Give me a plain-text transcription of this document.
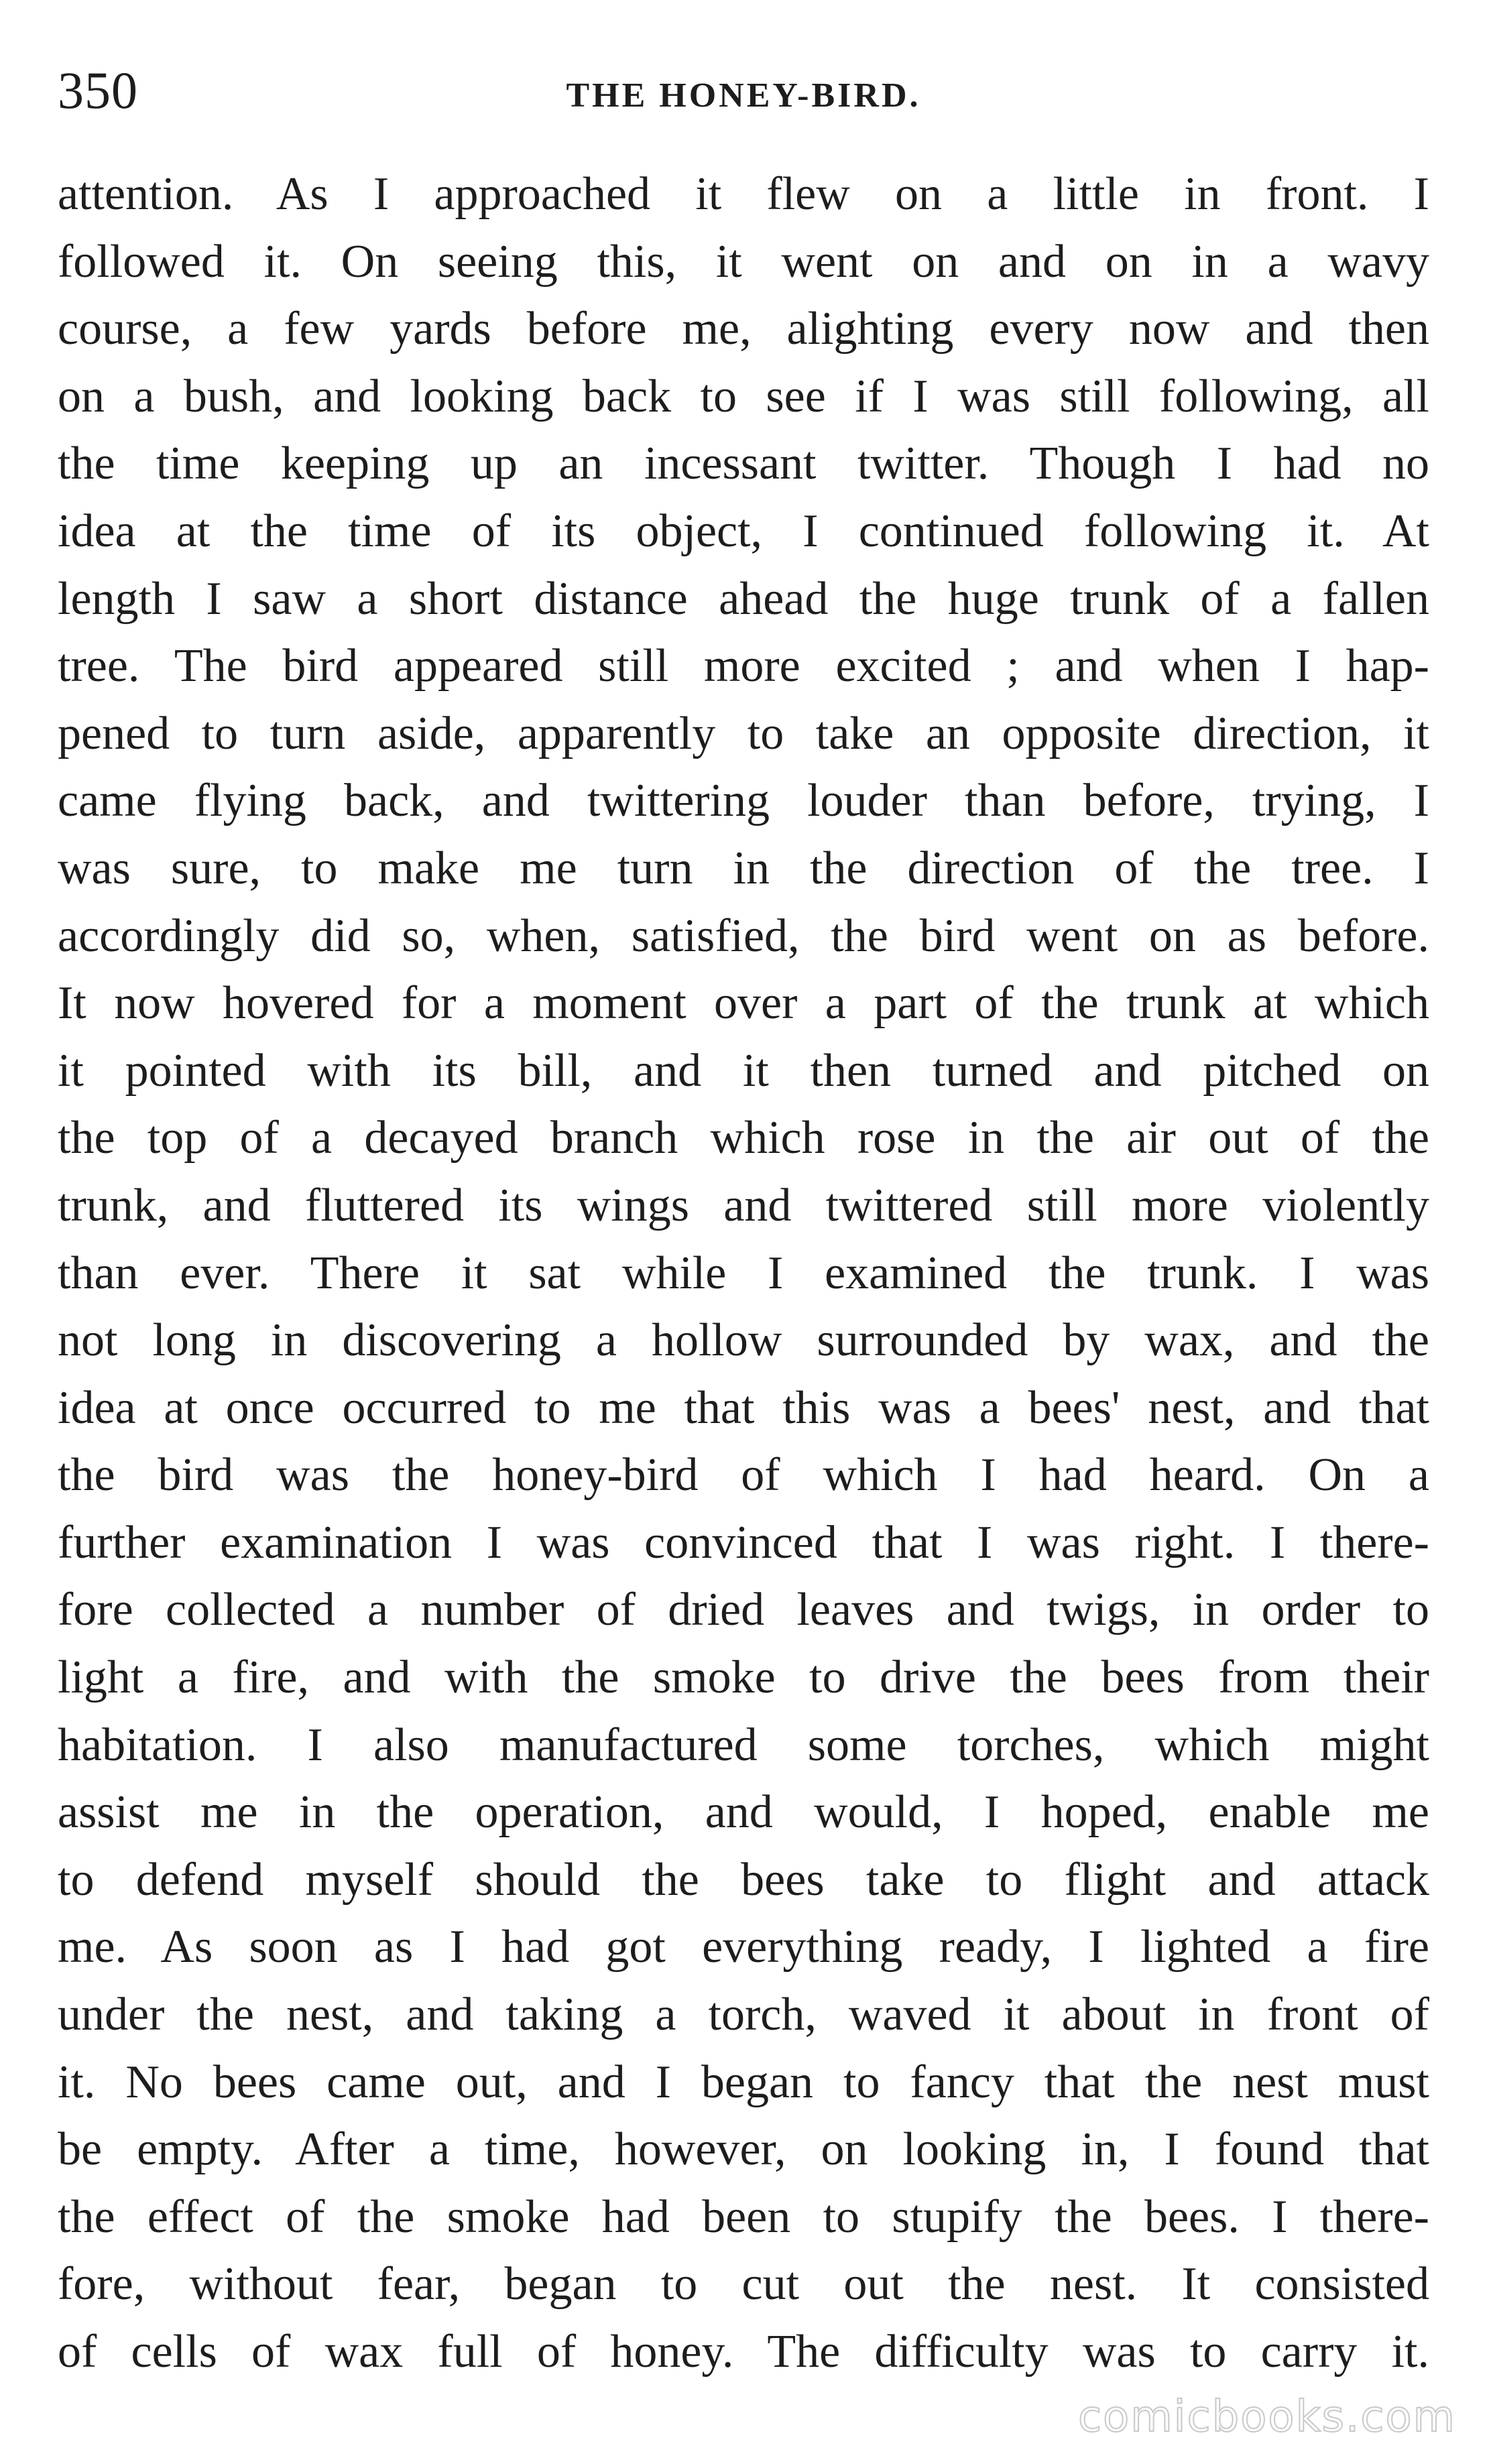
350	THE HONEY-BIRD.
attention. As I approached it flew on a little in front. I
followed it. On seeing this, it went on and on in a wavy
course, a few yards before me, alighting every now and then
on a bush, and looking back to see if I was still following, all
the time keeping up an incessant twitter. Though I had no
idea at the time of its object, I continued following it. At
length I saw a short distance ahead the huge trunk of a fallen
tree. The bird appeared still more excited ; and when I hap-
pened to turn aside, apparently to take an opposite direction, it
came flying back, and twittering louder than before, trying, I
was sure, to make me turn in the direction of the tree. I
accordingly did so, when, satisfied, the bird went on as before.
It now hovered for a moment over a part of the trunk at which
it pointed with its bill, and it then turned and pitched on
the top of a decayed branch which rose in the air out of the
trunk, and fluttered its wings and twittered still more violently
than ever. There it sat while I examined the trunk. I was
not long in discovering a hollow surrounded by wax, and the
idea at once occurred to me that this was a bees' nest, and that
the bird was the honey-bird of which I had heard. On a
further examination I was convinced that I was right. I there-
fore collected a number of dried leaves and twigs, in order to
light a fire, and with the smoke to drive the bees from their
habitation. I also manufactured some torches, which might
assist me in the operation, and would, I hoped, enable me
to defend myself should the bees take to flight and attack
me. As soon as I had got everything ready, I lighted a fire
under the nest, and taking a torch, waved it about in front of
it. No bees came out, and I began to fancy that the nest must
be empty. After a time, however, on looking in, I found that
the effect of the smoke had been to stupify the bees. I there-
fore, without fear, began to cut out the nest. It consisted
of cells of wax full of honey. The difficulty was to carry it.
comicbooks.com
